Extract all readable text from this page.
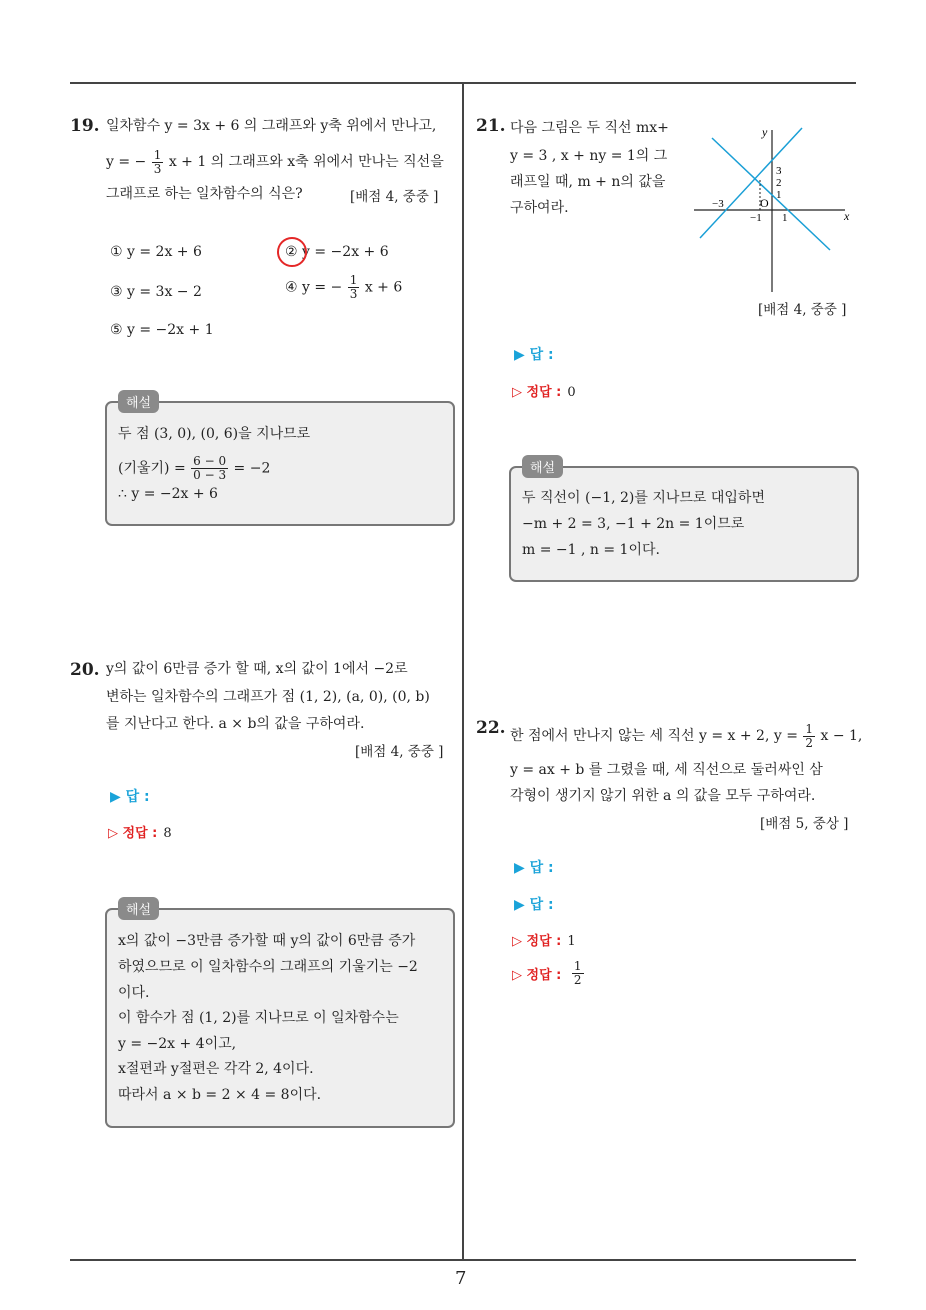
7
19. 일차함수 y = 3x + 6 의 그래프와 y축 위에서 만나고,
y = − $\frac{1}{3}$ x + 1 의 그래프와 x축 위에서 만나는 직선을
그래프로 하는 일차함수의 식은?	[배점 4, 중중 ]
① y = 2x + 6	② y = −2x + 6
③ y = 3x − 2	④ y = − $\frac{1}{3}$ x + 6
⑤ y = −2x + 1
해설
두 점 (3, 0), (0, 6)을 지나므로
(기울기) = $\frac{6 - 0}{0 - 3} = -2$
∴ y = −2x + 6
20. y의 값이 6만큼 증가 할 때, x의 값이 1에서 −2로
변하는 일차함수의 그래프가 점 (1, 2), (a, 0), (0, b)
를 지난다고 한다. a × b의 값을 구하여라.
[배점 4, 중중 ]
▶ 답 :
▷ 정답 : 8
해설
x의 값이 −3만큼 증가할 때 y의 값이 6만큼 증가
하였으므로 이 일차함수의 그래프의 기울기는 −2
이다.
이 함수가 점 (1, 2)를 지나므로 이 일차함수는
y = −2x + 4이고,
x절편과 y절편은 각각 2, 4이다.
따라서 a × b = 2 × 4 = 8이다.
21. 다음 그림은 두 직선 mx+
y = 3 , x + ny = 1의 그
래프일 때, m + n의 값을
구하여라.
y
x
O
−3
−1 1
1
2
3
[배점 4, 중중 ]
▶ 답 :
▷ 정답 : 0
해설
두 직선이 (−1, 2)를 지나므로 대입하면
−m + 2 = 3, −1 + 2n = 1이므로
m = −1 , n = 1이다.
22. 한 점에서 만나지 않는 세 직선 y = x + 2, $y = \frac{1}{2}$ x − 1,
y = ax + b 를 그렸을 때, 세 직선으로 둘러싸인 삼
각형이 생기지 않기 위한 a 의 값을 모두 구하여라.
[배점 5, 중상 ]
▶ 답 :
▶ 답 :
▷ 정답 : 1
▷ 정답 : $\frac{1}{2}$
